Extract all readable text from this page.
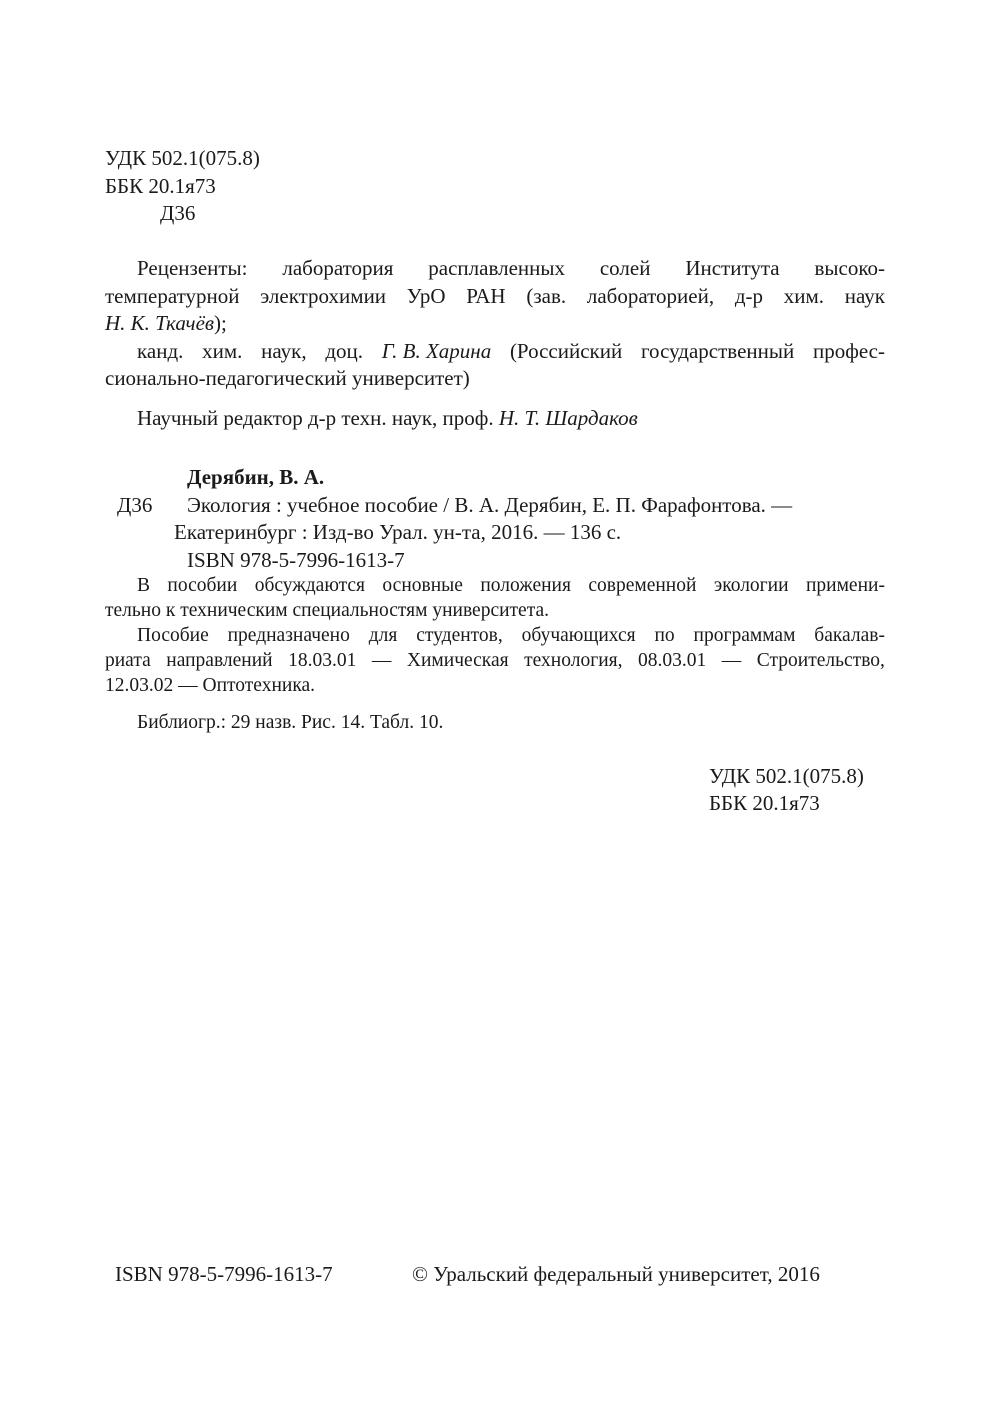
УДК 502.1(075.8)
ББК 20.1я73
Д36
Рецензенты: лаборатория расплавленных солей Института высоко-
температурной электрохимии УрО РАН (зав. лабораторией, д-р хим. наук
Н. К. Ткачёв);
канд. хим. наук, доц. Г. В. Харина (Российский государственный профес-
сионально-педагогический университет)
Научный редактор д-р техн. наук, проф. Н. Т. Шардаков
Дерябин, В. А.
Д36 Экология : учебное пособие / В. А. Дерябин, Е. П. Фарафонтова. —
Екатеринбург : Изд-во Урал. ун-та, 2016. — 136 с.
ISBN 978-5-7996-1613-7
В пособии обсуждаются основные положения современной экологии примени-
тельно к техническим специальностям университета.
Пособие предназначено для студентов, обучающихся по программам бакалав-
риата направлений 18.03.01 — Химическая технология, 08.03.01 — Строительство,
12.03.02 — Оптотехника.
Библиогр.: 29 назв. Рис. 14. Табл. 10.
УДК 502.1(075.8)
ББК 20.1я73
ISBN 978-5-7996-1613-7	© Уральский федеральный университет, 2016
